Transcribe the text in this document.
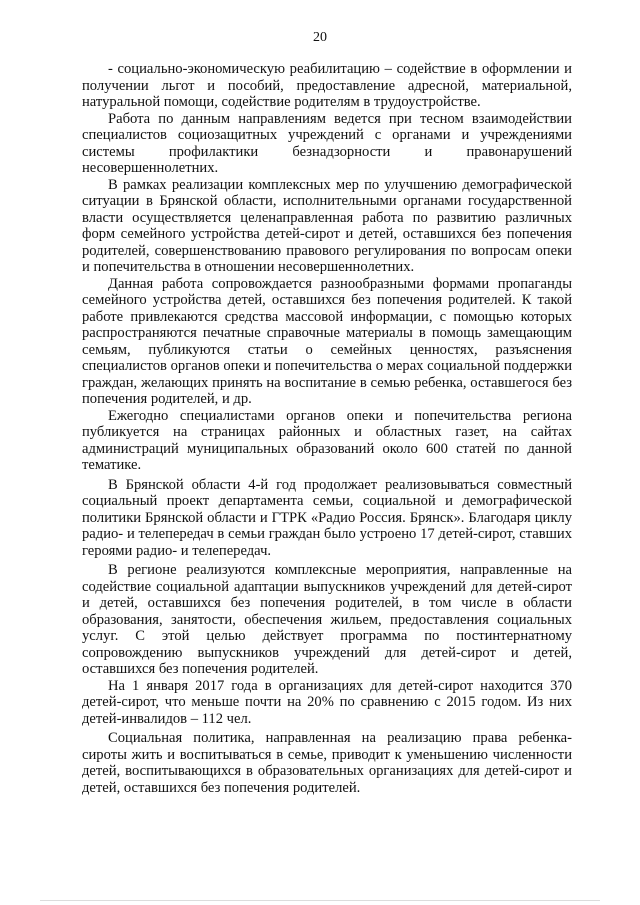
20

- социально-экономическую реабилитацию – содействие в оформлении и получении льгот и пособий, предоставление адресной, материальной, натуральной помощи, содействие родителям в трудоустройстве.

Работа по данным направлениям ведется при тесном взаимодействии специалистов социозащитных учреждений с органами и учреждениями системы профилактики безнадзорности и правонарушений несовершеннолетних.

В рамках реализации комплексных мер по улучшению демографической ситуации в Брянской области, исполнительными органами государственной власти осуществляется целенаправленная работа по развитию различных форм семейного устройства детей-сирот и детей, оставшихся без попечения родителей, совершенствованию правового регулирования по вопросам опеки и попечительства в отношении несовершеннолетних.

Данная работа сопровождается разнообразными формами пропаганды семейного устройства детей, оставшихся без попечения родителей. К такой работе привлекаются средства массовой информации, с помощью которых распространяются печатные справочные материалы в помощь замещающим семьям, публикуются статьи о семейных ценностях, разъяснения специалистов органов опеки и попечительства о мерах социальной поддержки граждан, желающих принять на воспитание в семью ребенка, оставшегося без попечения родителей, и др.

Ежегодно специалистами органов опеки и попечительства региона публикуется на страницах районных и областных газет, на сайтах администраций муниципальных образований около 600 статей по данной тематике.

В Брянской области 4-й год продолжает реализовываться совместный социальный проект департамента семьи, социальной и демографической политики Брянской области и ГТРК «Радио Россия. Брянск». Благодаря циклу радио- и телепередач в семьи граждан было устроено 17 детей-сирот, ставших героями радио- и телепередач.

В регионе реализуются комплексные мероприятия, направленные на содействие социальной адаптации выпускников учреждений для детей-сирот и детей, оставшихся без попечения родителей, в том числе в области образования, занятости, обеспечения жильем, предоставления социальных услуг. С этой целью действует программа по постинтернатному сопровождению выпускников учреждений для детей-сирот и детей, оставшихся без попечения родителей.

На 1 января 2017 года в организациях для детей-сирот находится 370 детей-сирот, что меньше почти на 20% по сравнению с 2015 годом. Из них детей-инвалидов – 112 чел.

Социальная политика, направленная на реализацию права ребенка-сироты жить и воспитываться в семье, приводит к уменьшению численности детей, воспитывающихся в образовательных организациях для детей-сирот и детей, оставшихся без попечения родителей.
